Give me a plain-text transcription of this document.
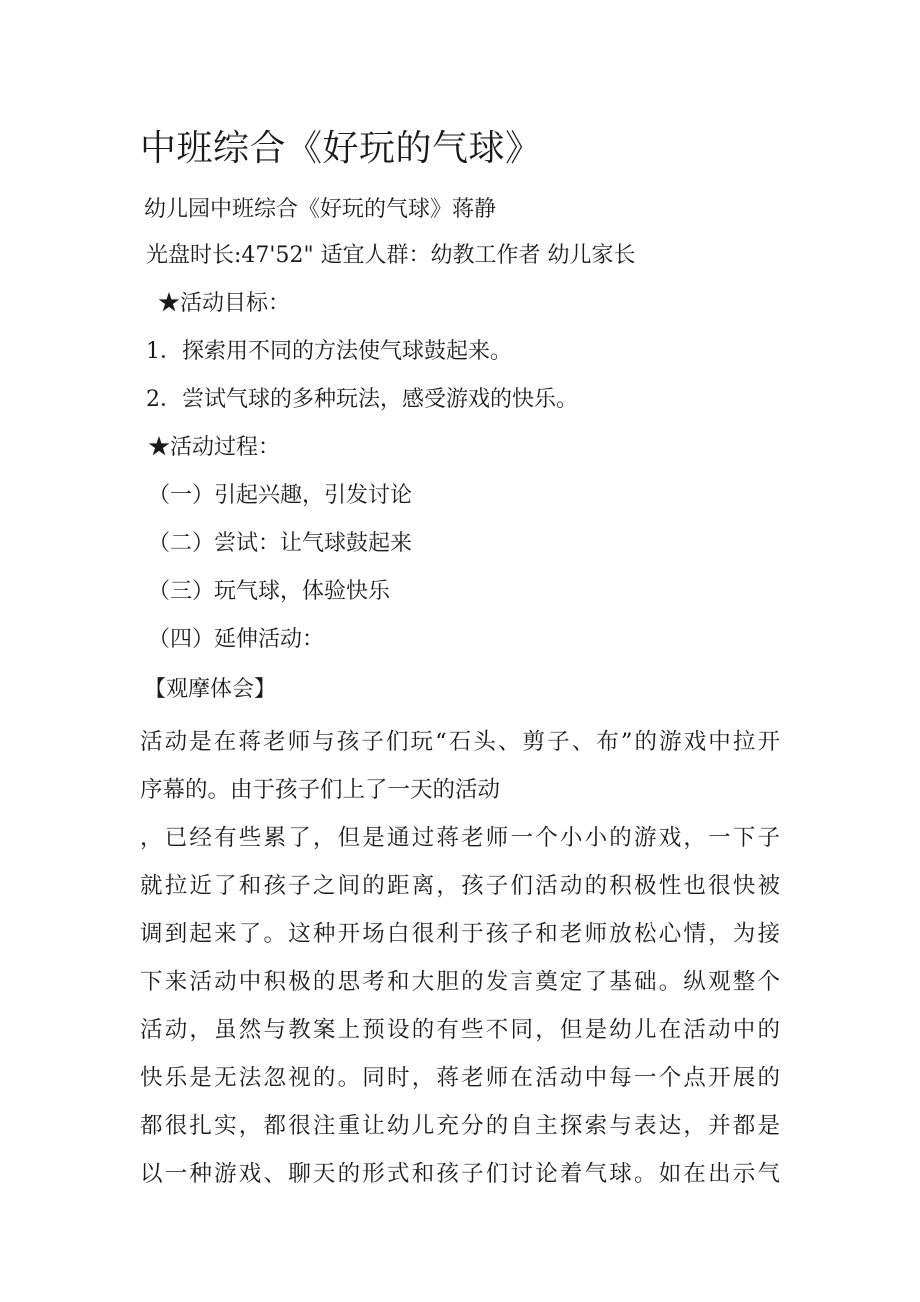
中班综合《好玩的气球》
幼儿园中班综合《好玩的气球》蒋静
光盘时长:47'52" 适宜人群：幼教工作者 幼儿家长
★活动目标：
1．探索用不同的方法使气球鼓起来。
2．尝试气球的多种玩法，感受游戏的快乐。
★活动过程：
（一）引起兴趣，引发讨论
（二）尝试：让气球鼓起来
（三）玩气球，体验快乐
（四）延伸活动：
【观摩体会】
活动是在蒋老师与孩子们玩“石头、剪子、布”的游戏中拉开
序幕的。由于孩子们上了一天的活动
，已经有些累了，但是通过蒋老师一个小小的游戏，一下子
就拉近了和孩子之间的距离，孩子们活动的积极性也很快被
调到起来了。这种开场白很利于孩子和老师放松心情，为接
下来活动中积极的思考和大胆的发言奠定了基础。纵观整个
活动，虽然与教案上预设的有些不同，但是幼儿在活动中的
快乐是无法忽视的。同时，蒋老师在活动中每一个点开展的
都很扎实，都很注重让幼儿充分的自主探索与表达，并都是
以一种游戏、聊天的形式和孩子们讨论着气球。如在出示气
